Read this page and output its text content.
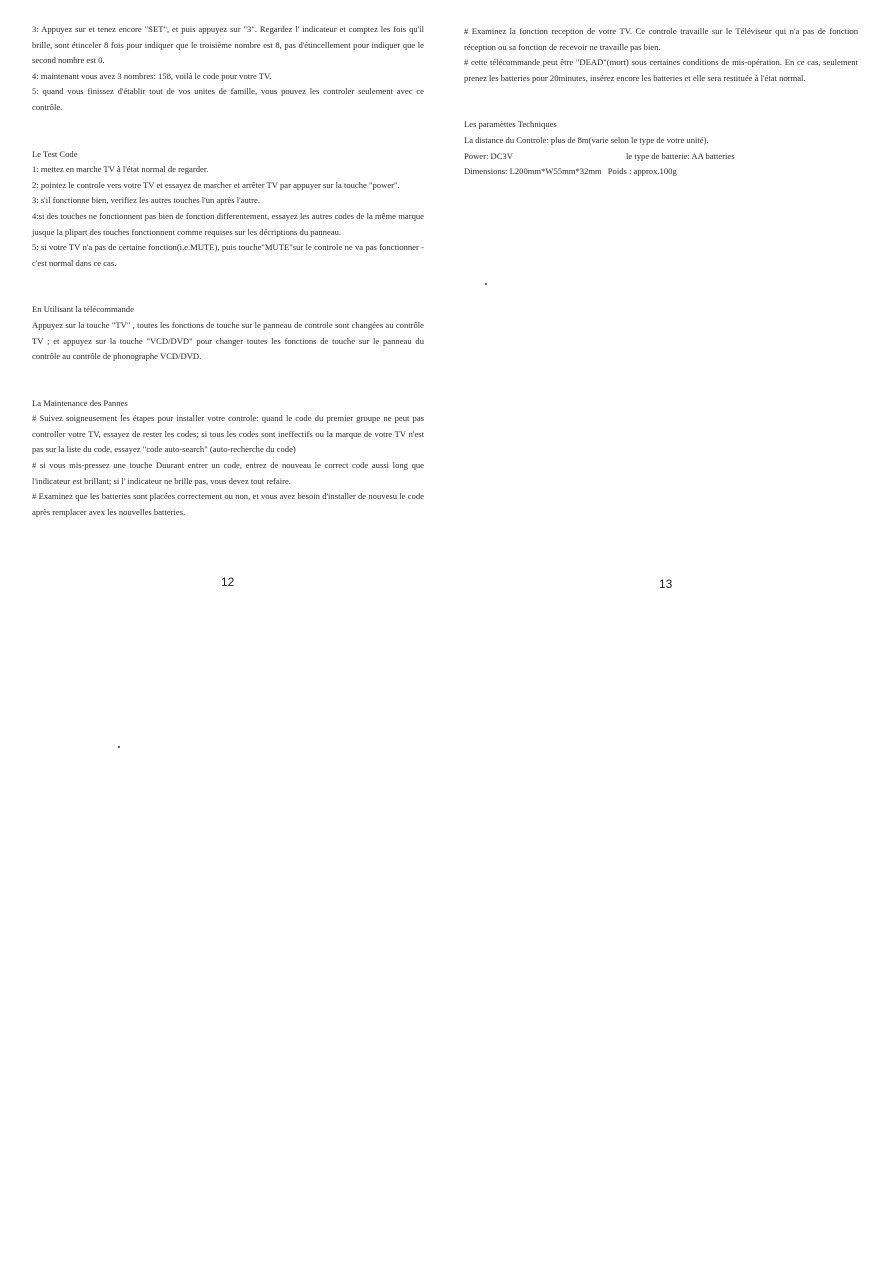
3: Appuyez sur et tenez encore "SET", et puis appuyez sur "3". Regardez l' indicateur et comptez les fois qu'il brille, sont étinceler 8 fois pour indiquer que le troisième nombre est 8, pas d'étincellement pour indiquer que le second nombre est 0.

4: maintenant vous avez 3 nombres: 158, voilà le code pour votre TV.

5: quand vous finissez d'établir tout de vos unites de famille, vous pouvez les controler seulement avec ce contrôle.

Le Test Code

1: mettez en marche TV à l'état normal de regarder.

2: pointez le controle vers votre TV et essayez de marcher et arrêter TV par appuyer sur la touche "power".

3: s'il fonctionne bien, verifiez les autres touches l'un après l'autre.

4:si des touches ne fonctionnent pas bien de fonction differentement, essayez les autres codes de la même marque jusque la plipart des touches fonctionnent comme requises sur les décriptions du panneau.

5: si votre TV n'a pas de certaine fonction(i.e.MUTE), puis touche"MUTE"sur le controle ne va pas fonctionner - c'est normal dans ce cas.

En Utilisant la télécommande

Appuyez sur la touche "TV" , toutes les fonctions de touche sur le panneau de controle sont changées au contrôle TV ; et appuyez sur la touche "VCD/DVD" pour changer toutes les fonctions de touche sur le panneau du contrôle au contrôle de phonographe VCD/DVD.

La Maintenance des Pannes

# Suivez soigneusement les étapes pour installer votre controle: quand le code du premier groupe ne peut pas controller votre TV, essayez de rester les codes; si tous les codes sont ineffectifs ou la marque de votre TV n'est pas sur la liste du code, essayez "code auto-search" (auto-recherche du code)

# si vous mis-pressez une touche Duurant entrer un code, entrez de nouveau le correct code aussi long que l'indicateur est brillant; si l' indicateur ne brille pas, vous devez tout refaire.

# Examinez que les batteries sont placées correctement ou non, et vous avez besoin d'installer de nouvesu le code après remplacer avex les nouvelles batteries.

12

# Examinez la fonction reception de votre TV. Ce controle travaille sur le Téléviseur qui n'a pas de fonction réception ou sa fonction de recevoir ne travaille pas bien.

# cette télécommande peut être "DEAD"(mort) sous certaines conditions de mis-opération. En ce cas, seulement prenez les batteries pour 20minutes, insérez encore les batteries et elle sera restituée à l'état normal.

Les paramèttes Techniques

La distance du Controle: plus de 8m(varie selon le type de votre unité).

Power: DC3V	le type de batterie: AA batteries
Dimensions: L200mm*W55mm*32mm Poids : approx.100g
13
